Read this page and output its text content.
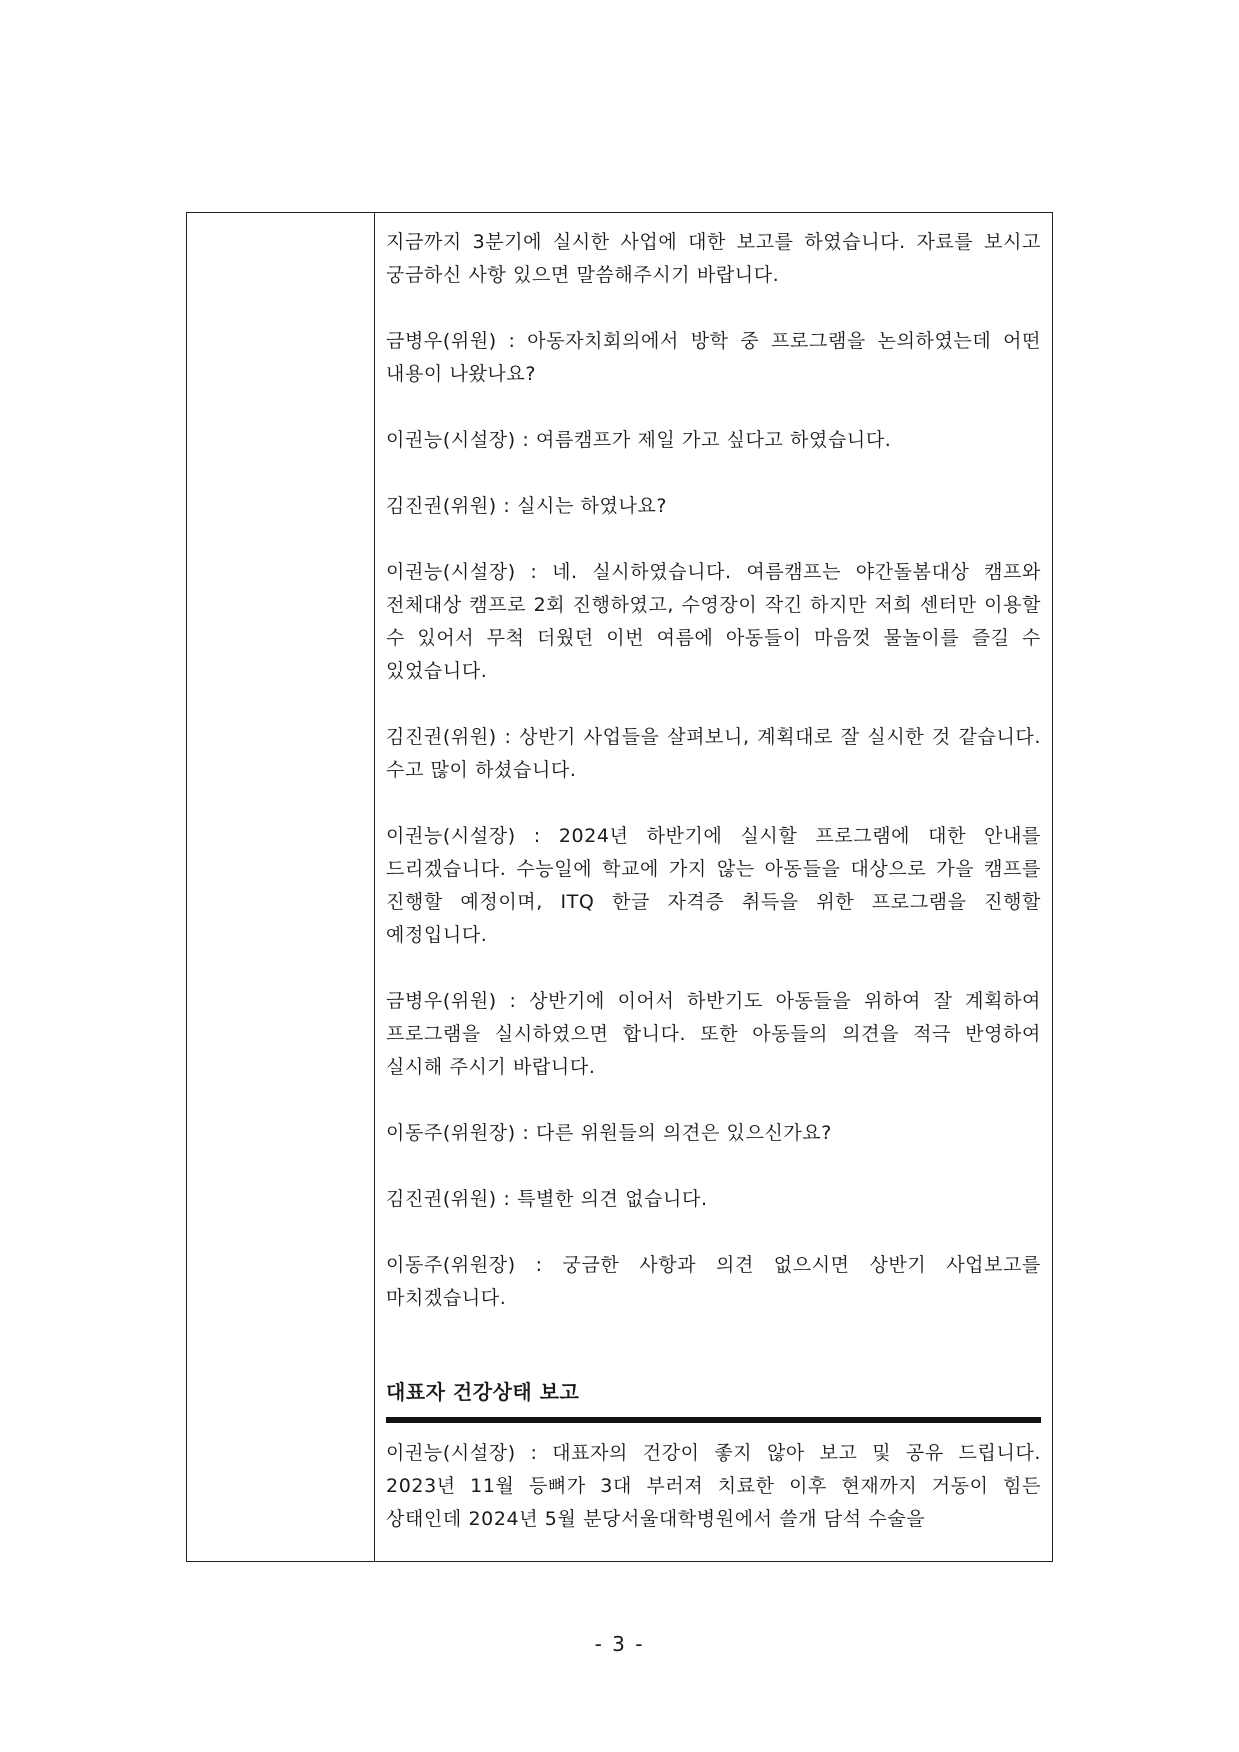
지금까지 3분기에 실시한 사업에 대한 보고를 하였습니다. 자료를 보시고 궁금하신 사항 있으면 말씀해주시기 바랍니다.

금병우(위원) : 아동자치회의에서 방학 중 프로그램을 논의하였는데 어떤 내용이 나왔나요?

이권능(시설장) : 여름캠프가 제일 가고 싶다고 하였습니다.

김진권(위원) : 실시는 하였나요?

이권능(시설장) : 네. 실시하였습니다. 여름캠프는 야간돌봄대상 캠프와 전체대상 캠프로 2회 진행하였고, 수영장이 작긴 하지만 저희 센터만 이용할 수 있어서 무척 더웠던 이번 여름에 아동들이 마음껏 물놀이를 즐길 수 있었습니다.

김진권(위원) : 상반기 사업들을 살펴보니, 계획대로 잘 실시한 것 같습니다. 수고 많이 하셨습니다.

이권능(시설장) : 2024년 하반기에 실시할 프로그램에 대한 안내를 드리겠습니다. 수능일에 학교에 가지 않는 아동들을 대상으로 가을 캠프를 진행할 예정이며, ITQ 한글 자격증 취득을 위한 프로그램을 진행할 예정입니다.

금병우(위원) : 상반기에 이어서 하반기도 아동들을 위하여 잘 계획하여 프로그램을 실시하였으면 합니다. 또한 아동들의 의견을 적극 반영하여 실시해 주시기 바랍니다.

이동주(위원장) : 다른 위원들의 의견은 있으신가요?

김진권(위원) : 특별한 의견 없습니다.

이동주(위원장) : 궁금한 사항과 의견 없으시면 상반기 사업보고를 마치겠습니다.

대표자 건강상태 보고

이권능(시설장) : 대표자의 건강이 좋지 않아 보고 및 공유 드립니다. 2023년 11월 등뼈가 3대 부러져 치료한 이후 현재까지 거동이 힘든 상태인데 2024년 5월 분당서울대학병원에서 쓸개 담석 수술을

- 3 -
